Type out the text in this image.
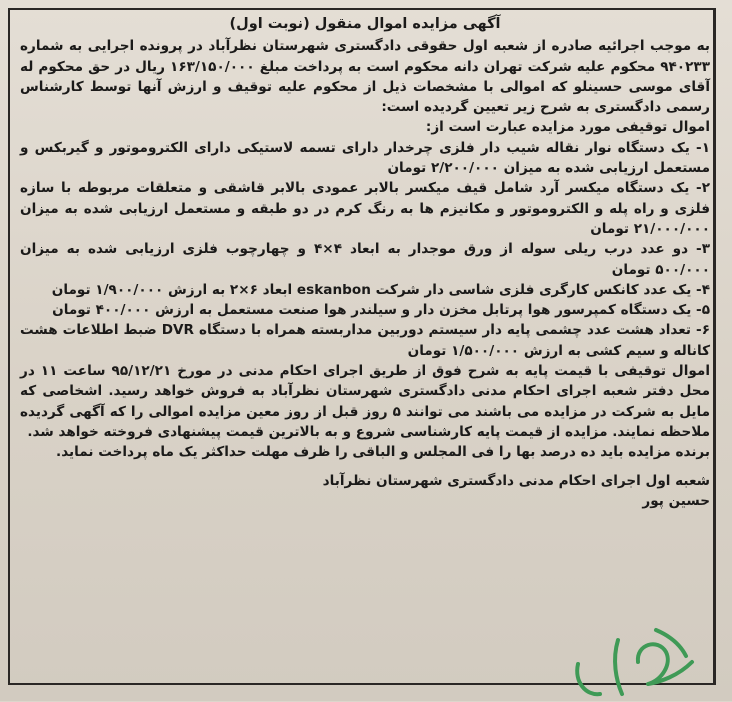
آگهی مزایده اموال منقول (نوبت اول)

به موجب اجرائیه صادره از شعبه اول حقوقی دادگستری شهرستان نظرآباد در پرونده اجرایی به شماره ۹۴۰۲۳۳ محکوم علیه شرکت تهران دانه محکوم است به پرداخت مبلغ ۱۶۳/۱۵۰/۰۰۰ ریال در حق محکوم له آقای موسی حسینلو که اموالی با مشخصات ذیل از محکوم علیه توقیف و ارزش آنها توسط کارشناس رسمی دادگستری به شرح زیر تعیین گردیده است:

اموال توقیفی مورد مزایده عبارت است از:

۱- یک دستگاه نوار نقاله شیب دار فلزی چرخدار دارای تسمه لاستیکی دارای الکتروموتور و گیربکس و مستعمل ارزیابی شده به میزان ۲/۲۰۰/۰۰۰ تومان

۲- یک دستگاه میکسر آرد شامل قیف میکسر بالابر عمودی بالابر قاشقی و متعلقات مربوطه با سازه فلزی و راه پله و الکتروموتور و مکانیزم ها به رنگ کرم در دو طبقه و مستعمل ارزیابی شده به میزان ۲۱/۰۰۰/۰۰۰ تومان

۳- دو عدد درب ریلی سوله از ورق موجدار به ابعاد ۴×۴ و چهارچوب فلزی ارزیابی شده به میزان ۵۰۰/۰۰۰ تومان

۴- یک عدد کانکس کارگری فلزی شاسی دار شرکت eskanbon ابعاد ۶×۲ به ارزش ۱/۹۰۰/۰۰۰ تومان

۵- یک دستگاه کمپرسور هوا پرتابل مخزن دار و سیلندر هوا صنعت مستعمل به ارزش ۴۰۰/۰۰۰ تومان

۶- تعداد هشت عدد چشمی پایه دار سیستم دوربین مداربسته همراه با دستگاه DVR ضبط اطلاعات هشت کاناله و سیم کشی به ارزش ۱/۵۰۰/۰۰۰ تومان

اموال توقیفی با قیمت پایه به شرح فوق از طریق اجرای احکام مدنی در مورخ ۹۵/۱۲/۲۱ ساعت ۱۱ در محل دفتر شعبه اجرای احکام مدنی دادگستری شهرستان نظرآباد به فروش خواهد رسید. اشخاصی که مایل به شرکت در مزایده می باشند می توانند ۵ روز قبل از روز معین مزایده اموالی را که آگهی گردیده ملاحظه نمایند. مزایده از قیمت پایه کارشناسی شروع و به بالاترین قیمت پیشنهادی فروخته خواهد شد.

برنده مزایده باید ده درصد بها را فی المجلس و الباقی را ظرف مهلت حداکثر یک ماه پرداخت نماید.

شعبه اول اجرای احکام مدنی دادگستری شهرستان نظرآباد

حسین پور
